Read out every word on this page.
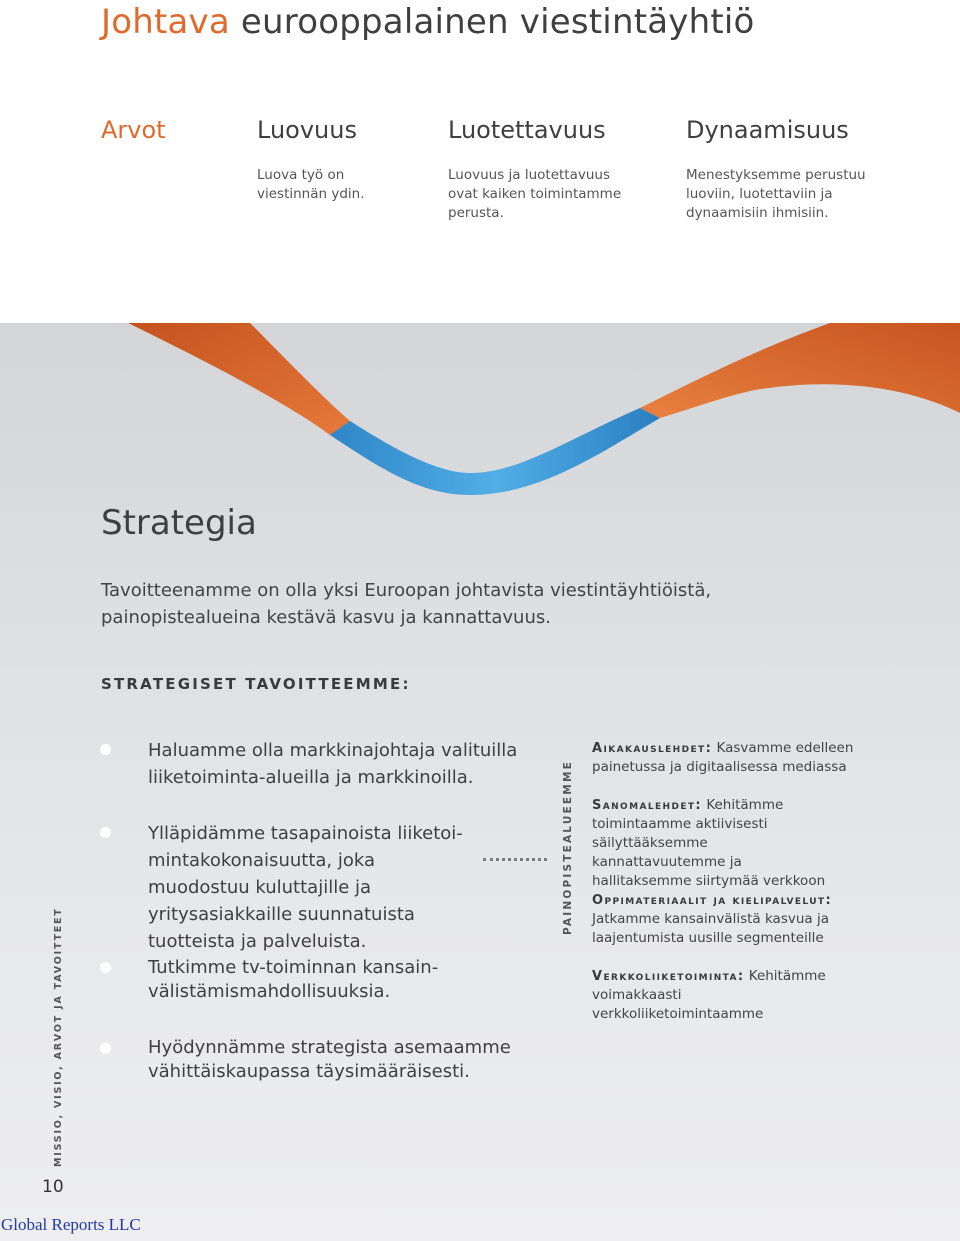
Johtava eurooppalainen viestintäyhtiö
Arvot	Luovuus
Luova työ on viestinnän ydin.
Luotettavuus
Luovuus ja luotettavuus ovat kaiken toimintamme perusta.
Dynaamisuus
Menestyksemme perustuu luoviin, luotettaviin ja dynaamisiin ihmisiin.
Strategia
Tavoitteenamme on olla yksi Euroopan johtavista viestintäyhtiöistä, painopistealueina kestävä kasvu ja kannattavuus.
STRATEGISET TAVOITTEEMME:
Haluamme olla markkinajohtaja valituilla liiketoiminta-alueilla ja markkinoilla.
Ylläpidämme tasapainoista liiketoimintakokonaisuutta, joka muodostuu kuluttajille ja yritysasiakkaille suunnatuista tuotteista ja palveluista.
Tutkimme tv-toiminnan kansainvälistämismahdollisuuksia.
Hyödynnämme strategista asemaamme vähittäiskaupassa täysimääräisesti.
PAINOPISTEALUEEMME
Aikakauslehdet: Kasvamme edelleen painetussa ja digitaalisessa mediassa
Sanomalehdet: Kehitämme toimintaamme aktiivisesti säilyttääksemme kannattavuutemme ja hallitaksemme siirtymää verkkoon
Oppimateriaalit ja kielipalvelut: Jatkamme kansainvälistä kasvua ja laajentumista uusille segmenteille
Verkkoliiketoiminta: Kehitämme voimakkaasti verkkoliiketoimintaamme
MISSIO, VISIO, ARVOT JA TAVOITTEET
10
Global Reports LLC
